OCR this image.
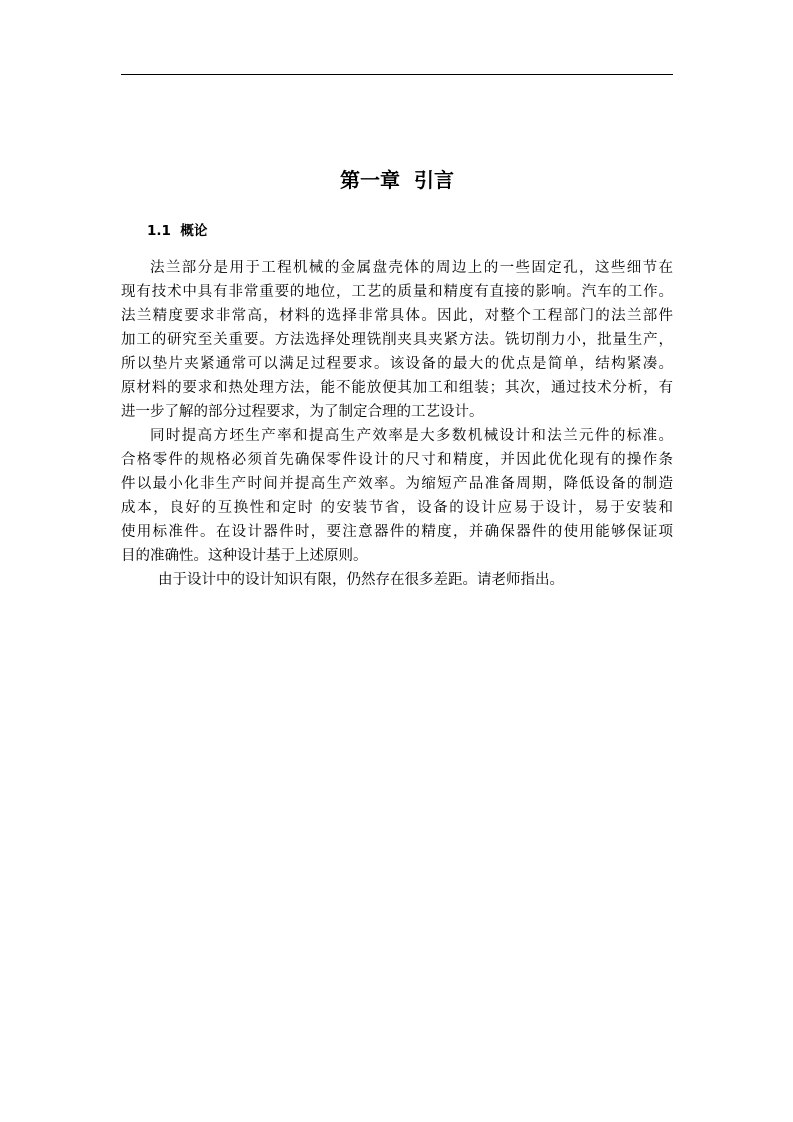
第一章  引言
1.1  概论
法兰部分是用于工程机械的金属盘壳体的周边上的一些固定孔，这些细节在
现有技术中具有非常重要的地位，工艺的质量和精度有直接的影响。汽车的工作。
法兰精度要求非常高，材料的选择非常具体。因此，对整个工程部门的法兰部件
加工的研究至关重要。方法选择处理铣削夹具夹紧方法。铣切削力小，批量生产，
所以垫片夹紧通常可以满足过程要求。该设备的最大的优点是简单，结构紧凑。
原材料的要求和热处理方法，能不能放便其加工和组装；其次，通过技术分析，有
进一步了解的部分过程要求，为了制定合理的工艺设计。
同时提高方坯生产率和提高生产效率是大多数机械设计和法兰元件的标准。
合格零件的规格必须首先确保零件设计的尺寸和精度，并因此优化现有的操作条
件以最小化非生产时间并提高生产效率。为缩短产品准备周期，降低设备的制造
成本，良好的互换性和定时 的安装节省，设备的设计应易于设计，易于安装和
使用标准件。在设计器件时，要注意器件的精度，并确保器件的使用能够保证项
目的准确性。这种设计基于上述原则。
由于设计中的设计知识有限，仍然存在很多差距。请老师指出。
